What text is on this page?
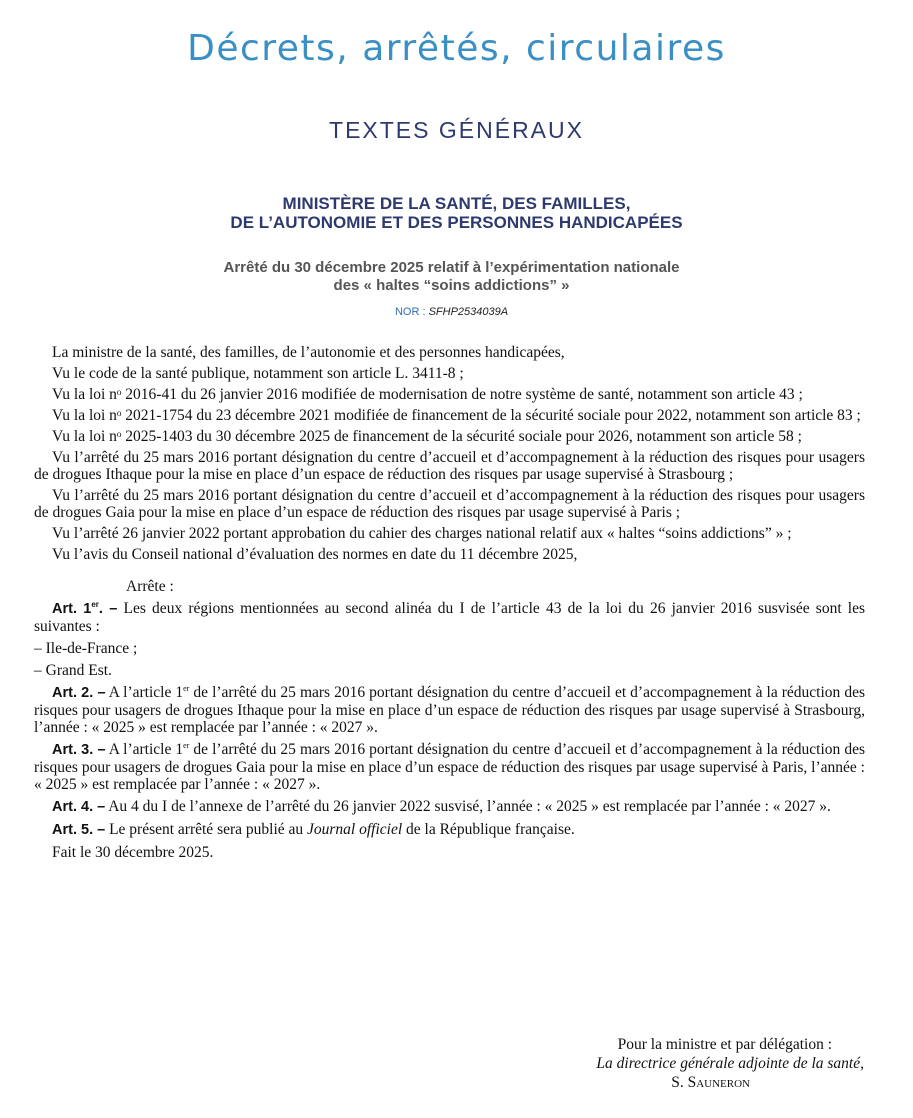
Décrets, arrêtés, circulaires
TEXTES GÉNÉRAUX
MINISTÈRE DE LA SANTÉ, DES FAMILLES,
DE L’AUTONOMIE ET DES PERSONNES HANDICAPÉES
Arrêté du 30 décembre 2025 relatif à l’expérimentation nationale
des « haltes “soins addictions” »
NOR : SFHP2534039A

La ministre de la santé, des familles, de l’autonomie et des personnes handicapées,

Vu le code de la santé publique, notamment son article L. 3411-8 ;

Vu la loi nᵒ 2016-41 du 26 janvier 2016 modifiée de modernisation de notre système de santé, notamment son article 43 ;

Vu la loi nᵒ 2021-1754 du 23 décembre 2021 modifiée de financement de la sécurité sociale pour 2022, notamment son article 83 ;

Vu la loi nᵒ 2025-1403 du 30 décembre 2025 de financement de la sécurité sociale pour 2026, notamment son article 58 ;

Vu l’arrêté du 25 mars 2016 portant désignation du centre d’accueil et d’accompagnement à la réduction des risques pour usagers de drogues Ithaque pour la mise en place d’un espace de réduction des risques par usage supervisé à Strasbourg ;

Vu l’arrêté du 25 mars 2016 portant désignation du centre d’accueil et d’accompagnement à la réduction des risques pour usagers de drogues Gaia pour la mise en place d’un espace de réduction des risques par usage supervisé à Paris ;

Vu l’arrêté 26 janvier 2022 portant approbation du cahier des charges national relatif aux « haltes “soins addictions” » ;

Vu l’avis du Conseil national d’évaluation des normes en date du 11 décembre 2025,

Arrête :

Art. 1er. – Les deux régions mentionnées au second alinéa du I de l’article 43 de la loi du 26 janvier 2016 susvisée sont les suivantes :

– Ile-de-France ;

– Grand Est.

Art. 2. – A l’article 1er de l’arrêté du 25 mars 2016 portant désignation du centre d’accueil et d’accompagnement à la réduction des risques pour usagers de drogues Ithaque pour la mise en place d’un espace de réduction des risques par usage supervisé à Strasbourg, l’année : « 2025 » est remplacée par l’année : « 2027 ».

Art. 3. – A l’article 1er de l’arrêté du 25 mars 2016 portant désignation du centre d’accueil et d’accompagnement à la réduction des risques pour usagers de drogues Gaia pour la mise en place d’un espace de réduction des risques par usage supervisé à Paris, l’année : « 2025 » est remplacée par l’année : « 2027 ».

Art. 4. – Au 4 du I de l’annexe de l’arrêté du 26 janvier 2022 susvisé, l’année : « 2025 » est remplacée par l’année : « 2027 ».

Art. 5. – Le présent arrêté sera publié au Journal officiel de la République française.

Fait le 30 décembre 2025.

Pour la ministre et par délégation :
La directrice générale adjointe de la santé,
S. Sauneron
